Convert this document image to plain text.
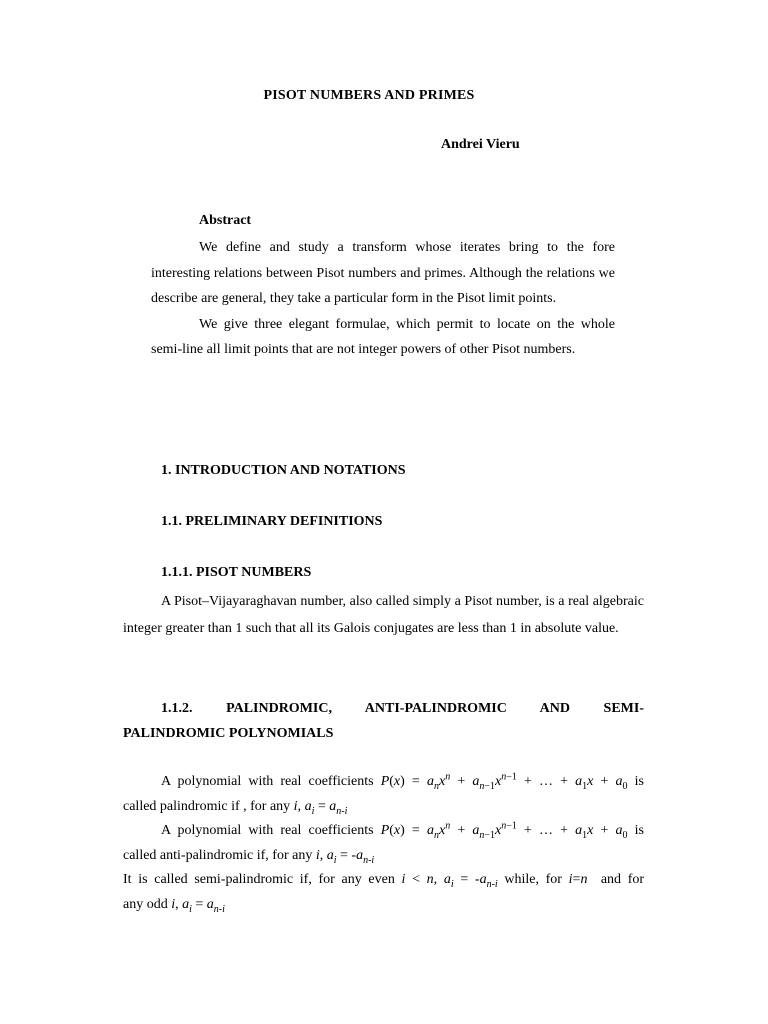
PISOT NUMBERS AND PRIMES
Andrei Vieru
Abstract

We define and study a transform whose iterates bring to the fore interesting relations between Pisot numbers and primes. Although the relations we describe are general, they take a particular form in the Pisot limit points.

We give three elegant formulae, which permit to locate on the whole semi-line all limit points that are not integer powers of other Pisot numbers.

1. INTRODUCTION AND NOTATIONS
1.1. PRELIMINARY DEFINITIONS
1.1.1. PISOT NUMBERS

A Pisot–Vijayaraghavan number, also called simply a Pisot number, is a real algebraic integer greater than 1 such that all its Galois conjugates are less than 1 in absolute value.

1.1.2.      PALINDROMIC,      ANTI-PALINDROMIC      AND      SEMI-
PALINDROMIC POLYNOMIALS

A polynomial with real coefficients $P(x) = a_nx^n + a_{n-1}x^{n-1}$ + … + $a_1x + a_0$ is

called palindromic if , for any i, $a_i = a_{n-i}$

A polynomial with real coefficients $P(x) = a_nx^n + a_{n-1}x^{n-1}$ + … + $a_1x + a_0$ is

called anti-palindromic if, for any i, $a_i = -a_{n-i}$

It is called semi-palindromic if, for any even i < n, $a_i = -a_{n-i}$ while, for i=n and for

any odd i, $a_i = a_{n-i}$
